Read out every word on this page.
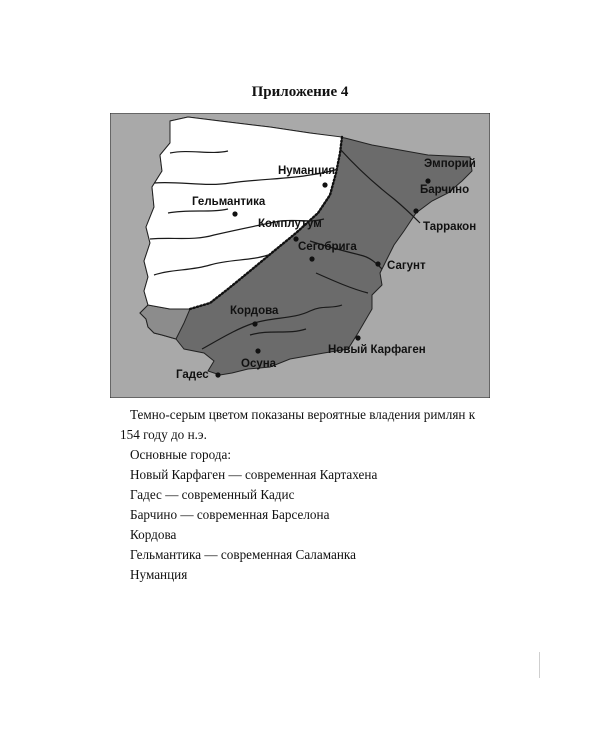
Приложение 4
Нуманция
Гельмантика
Комплутум
Сегобрига
Эмпорий
Барчино
Тарракон
Сагунт
Кордова
Новый Карфаген
Осуна
Гадес

Темно-серым цветом показаны вероятные владения римлян к 154 году до н.э.

Основные города:

Новый Карфаген — современная Картахена

Гадес — современный Кадис

Барчино — современная Барселона

Кордова

Гельмантика — современная Саламанка

Нуманция
